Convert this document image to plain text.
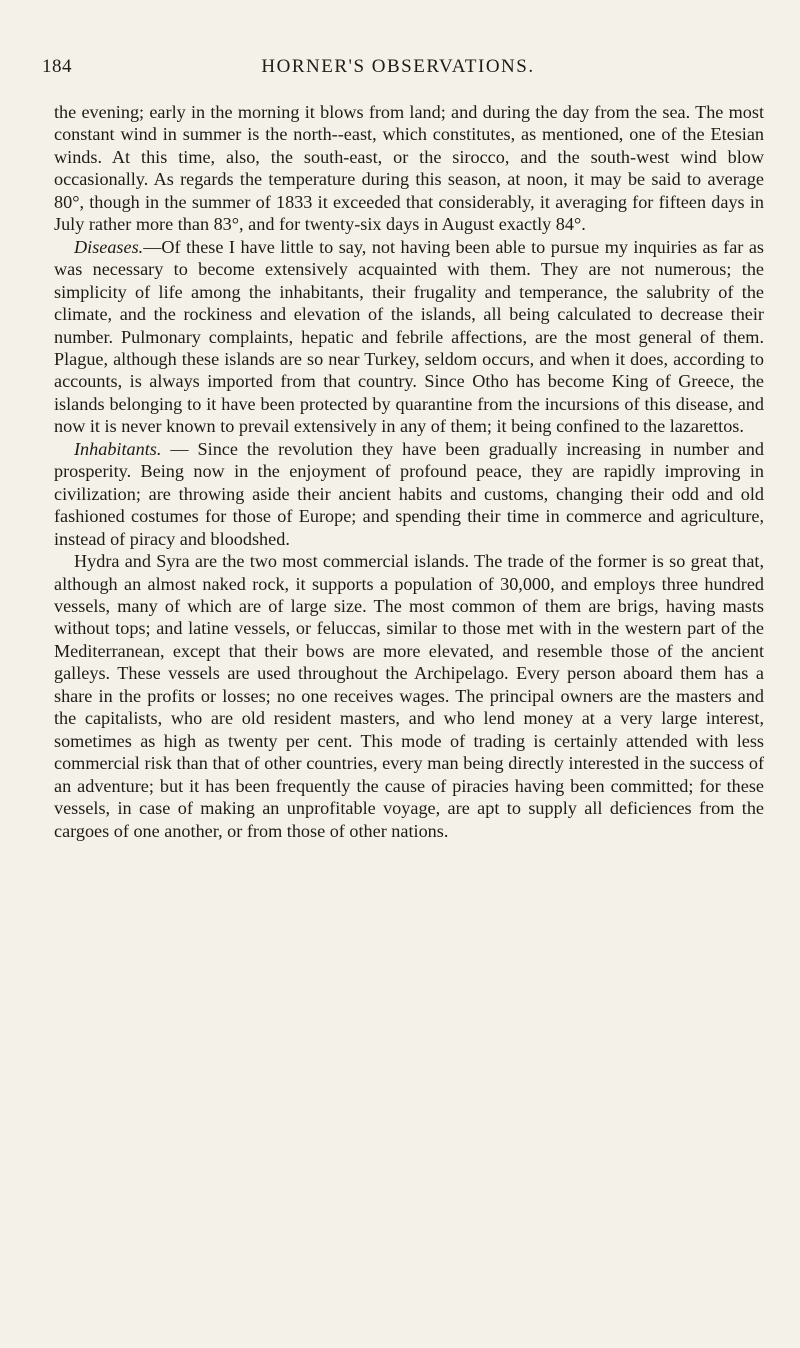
184	HORNER'S OBSERVATIONS.

the evening; early in the morning it blows from land; and during the day from the sea. The most constant wind in summer is the north--east, which constitutes, as mentioned, one of the Etesian winds. At this time, also, the south-east, or the sirocco, and the south-west wind blow occasionally. As regards the temperature during this season, at noon, it may be said to average 80°, though in the summer of 1833 it exceeded that considerably, it averaging for fifteen days in July rather more than 83°, and for twenty-six days in August exactly 84°.

Diseases.—Of these I have little to say, not having been able to pursue my inquiries as far as was necessary to become extensively acquainted with them. They are not numerous; the simplicity of life among the inhabitants, their frugality and temperance, the salubrity of the climate, and the rockiness and elevation of the islands, all being calculated to decrease their number. Pulmonary complaints, hepatic and febrile affections, are the most general of them. Plague, although these islands are so near Turkey, seldom occurs, and when it does, according to accounts, is always imported from that country. Since Otho has become King of Greece, the islands belonging to it have been protected by quarantine from the incursions of this disease, and now it is never known to prevail extensively in any of them; it being confined to the lazarettos.

Inhabitants. — Since the revolution they have been gradually increasing in number and prosperity. Being now in the enjoyment of profound peace, they are rapidly improving in civilization; are throwing aside their ancient habits and customs, changing their odd and old fashioned costumes for those of Europe; and spending their time in commerce and agriculture, instead of piracy and bloodshed.

Hydra and Syra are the two most commercial islands. The trade of the former is so great that, although an almost naked rock, it supports a population of 30,000, and employs three hundred vessels, many of which are of large size. The most common of them are brigs, having masts without tops; and latine vessels, or feluccas, similar to those met with in the western part of the Mediterranean, except that their bows are more elevated, and resemble those of the ancient galleys. These vessels are used throughout the Archipelago. Every person aboard them has a share in the profits or losses; no one receives wages. The principal owners are the masters and the capitalists, who are old resident masters, and who lend money at a very large interest, sometimes as high as twenty per cent. This mode of trading is certainly attended with less commercial risk than that of other countries, every man being directly interested in the success of an adventure; but it has been frequently the cause of piracies having been committed; for these vessels, in case of making an unprofitable voyage, are apt to supply all deficiences from the cargoes of one another, or from those of other nations.
